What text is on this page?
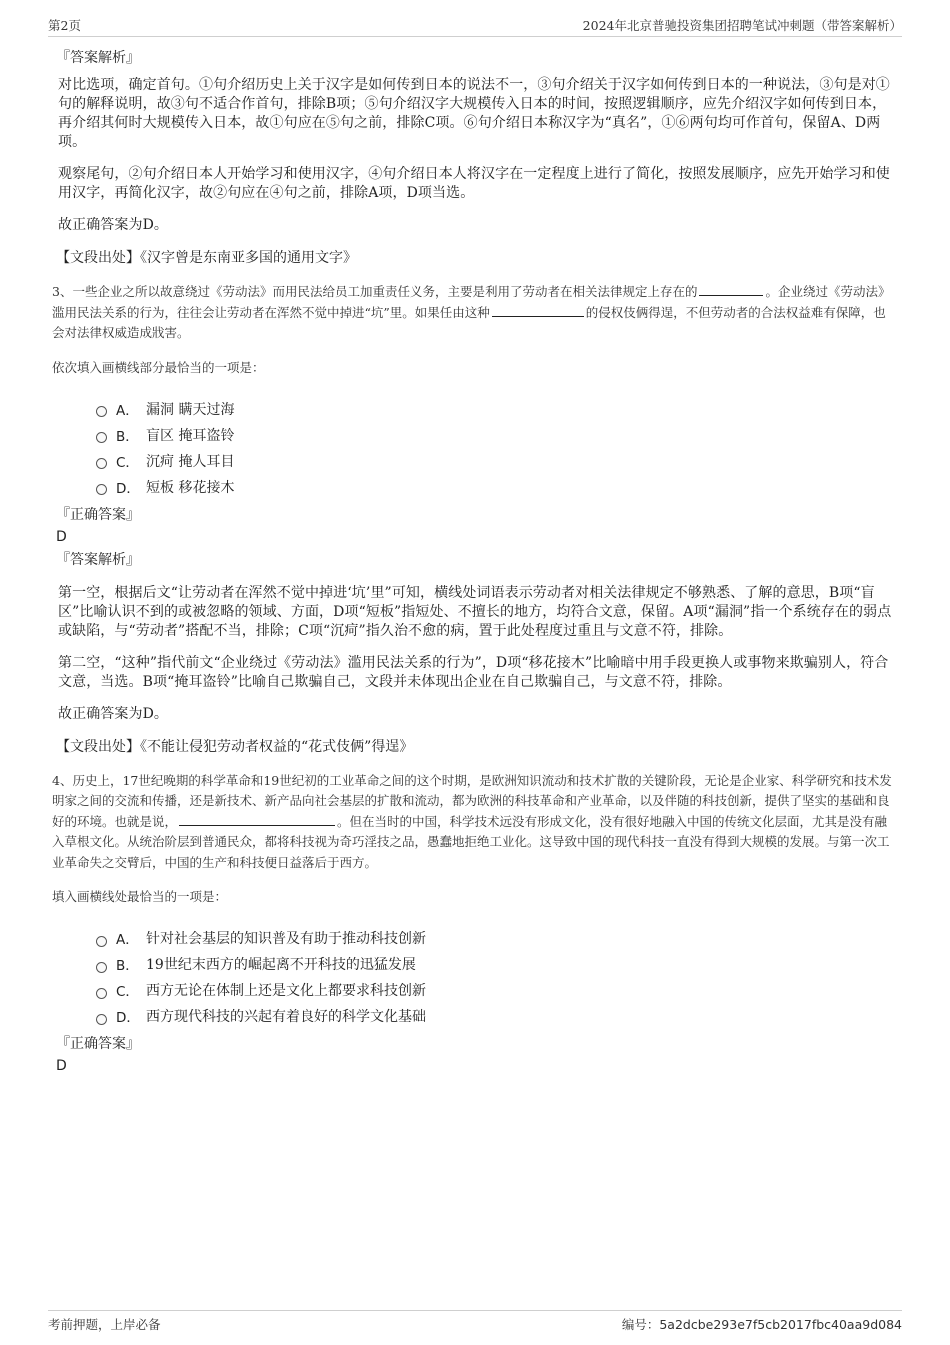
第2页	2024年北京普驰投资集团招聘笔试冲刺题（带答案解析）
『答案解析』

对比选项，确定首句。①句介绍历史上关于汉字是如何传到日本的说法不一，③句介绍关于汉字如何传到日本的一种说法，③句是对①句的解释说明，故③句不适合作首句，排除B项；⑤句介绍汉字大规模传入日本的时间，按照逻辑顺序，应先介绍汉字如何传到日本，再介绍其何时大规模传入日本，故①句应在⑤句之前，排除C项。⑥句介绍日本称汉字为“真名”，①⑥两句均可作首句，保留A、D两项。

观察尾句，②句介绍日本人开始学习和使用汉字，④句介绍日本人将汉字在一定程度上进行了简化，按照发展顺序，应先开始学习和使用汉字，再简化汉字，故②句应在④句之前，排除A项，D项当选。

故正确答案为D。

【文段出处】《汉字曾是东南亚多国的通用文字》

3、一些企业之所以故意绕过《劳动法》而用民法给员工加重责任义务，主要是利用了劳动者在相关法律规定上存在的	。企业绕过《劳动法》滥用民法关系的行为，往往会让劳动者在浑然不觉中掉进“坑”里。如果任由这种	的侵权伎俩得逞，不但劳动者的合法权益难有保障，也会对法律权威造成戕害。

依次填入画横线部分最恰当的一项是：

A． 漏洞 瞒天过海
B． 盲区 掩耳盗铃
C． 沉疴 掩人耳目
D． 短板 移花接木
『正确答案』
D
『答案解析』

第一空，根据后文“让劳动者在浑然不觉中掉进‘坑’里”可知，横线处词语表示劳动者对相关法律规定不够熟悉、了解的意思，B项“盲区”比喻认识不到的或被忽略的领域、方面，D项“短板”指短处、不擅长的地方，均符合文意，保留。A项“漏洞”指一个系统存在的弱点或缺陷，与“劳动者”搭配不当，排除；C项“沉疴”指久治不愈的病，置于此处程度过重且与文意不符，排除。

第二空，“这种”指代前文“企业绕过《劳动法》滥用民法关系的行为”，D项“移花接木”比喻暗中用手段更换人或事物来欺骗别人，符合文意，当选。B项“掩耳盗铃”比喻自己欺骗自己，文段并未体现出企业在自己欺骗自己，与文意不符，排除。

故正确答案为D。

【文段出处】《不能让侵犯劳动者权益的“花式伎俩”得逞》

4、历史上，17世纪晚期的科学革命和19世纪初的工业革命之间的这个时期，是欧洲知识流动和技术扩散的关键阶段，无论是企业家、科学研究和技术发明家之间的交流和传播，还是新技术、新产品向社会基层的扩散和流动，都为欧洲的科技革命和产业革命，以及伴随的科技创新，提供了坚实的基础和良好的环境。也就是说，	。但在当时的中国，科学技术远没有形成文化，没有很好地融入中国的传统文化层面，尤其是没有融入草根文化。从统治阶层到普通民众，都将科技视为奇巧淫技之品，愚蠢地拒绝工业化。这导致中国的现代科技一直没有得到大规模的发展。与第一次工业革命失之交臂后，中国的生产和科技便日益落后于西方。

填入画横线处最恰当的一项是：

A． 针对社会基层的知识普及有助于推动科技创新
B． 19世纪末西方的崛起离不开科技的迅猛发展
C． 西方无论在体制上还是文化上都要求科技创新
D． 西方现代科技的兴起有着良好的科学文化基础
『正确答案』
D
考前押题，上岸必备	编号：5a2dcbe293e7f5cb2017fbc40aa9d084
